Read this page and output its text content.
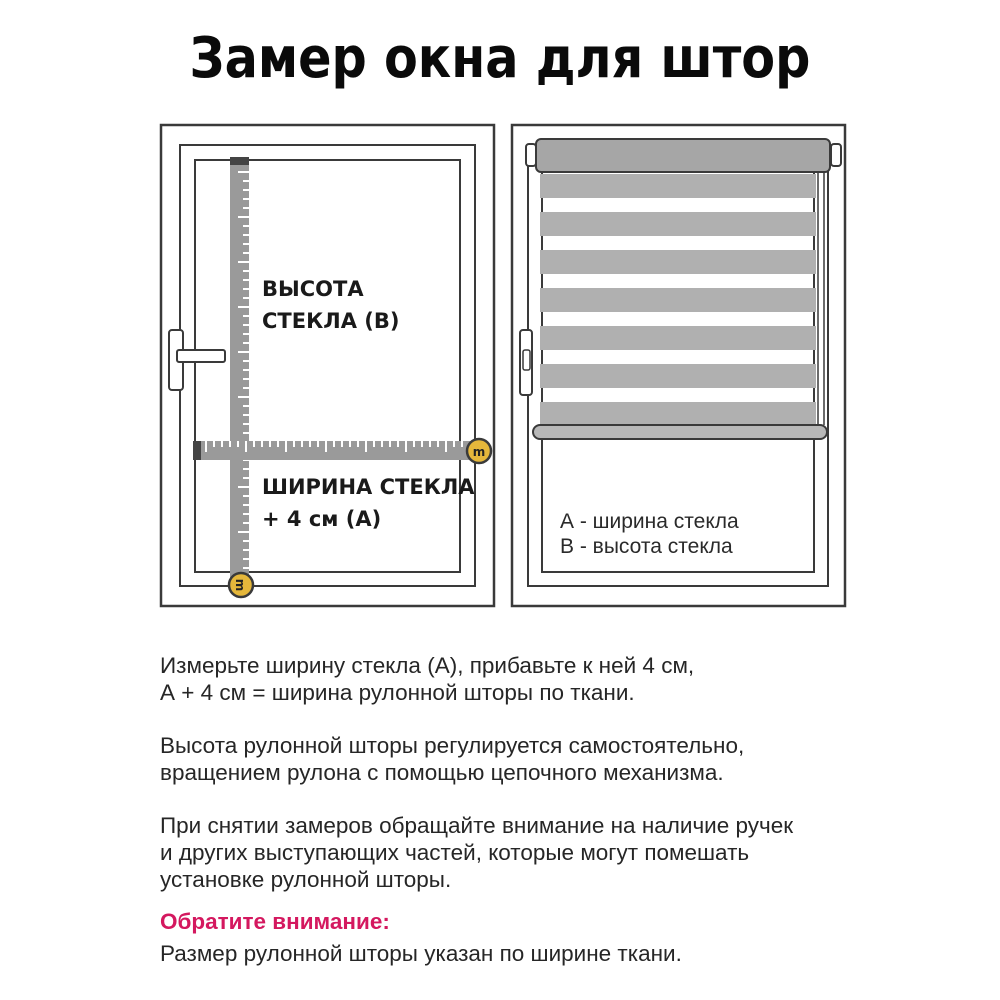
Замер окна для штор
m
m
ВЫСОТА
СТЕКЛА (В)
ШИРИНА СТЕКЛА
+ 4 см (А)	А - ширина стекла
В - высота стекла

Измерьте ширину стекла (А), прибавьте к ней 4 см,
А + 4 см = ширина рулонной шторы по ткани.

Высота рулонной шторы регулируется самостоятельно,
вращением рулона с помощью цепочного механизма.

При снятии замеров обращайте внимание на наличие ручек
и других выступающих частей, которые могут помешать
установке рулонной шторы.

Обратите внимание:

Размер рулонной шторы указан по ширине ткани.
